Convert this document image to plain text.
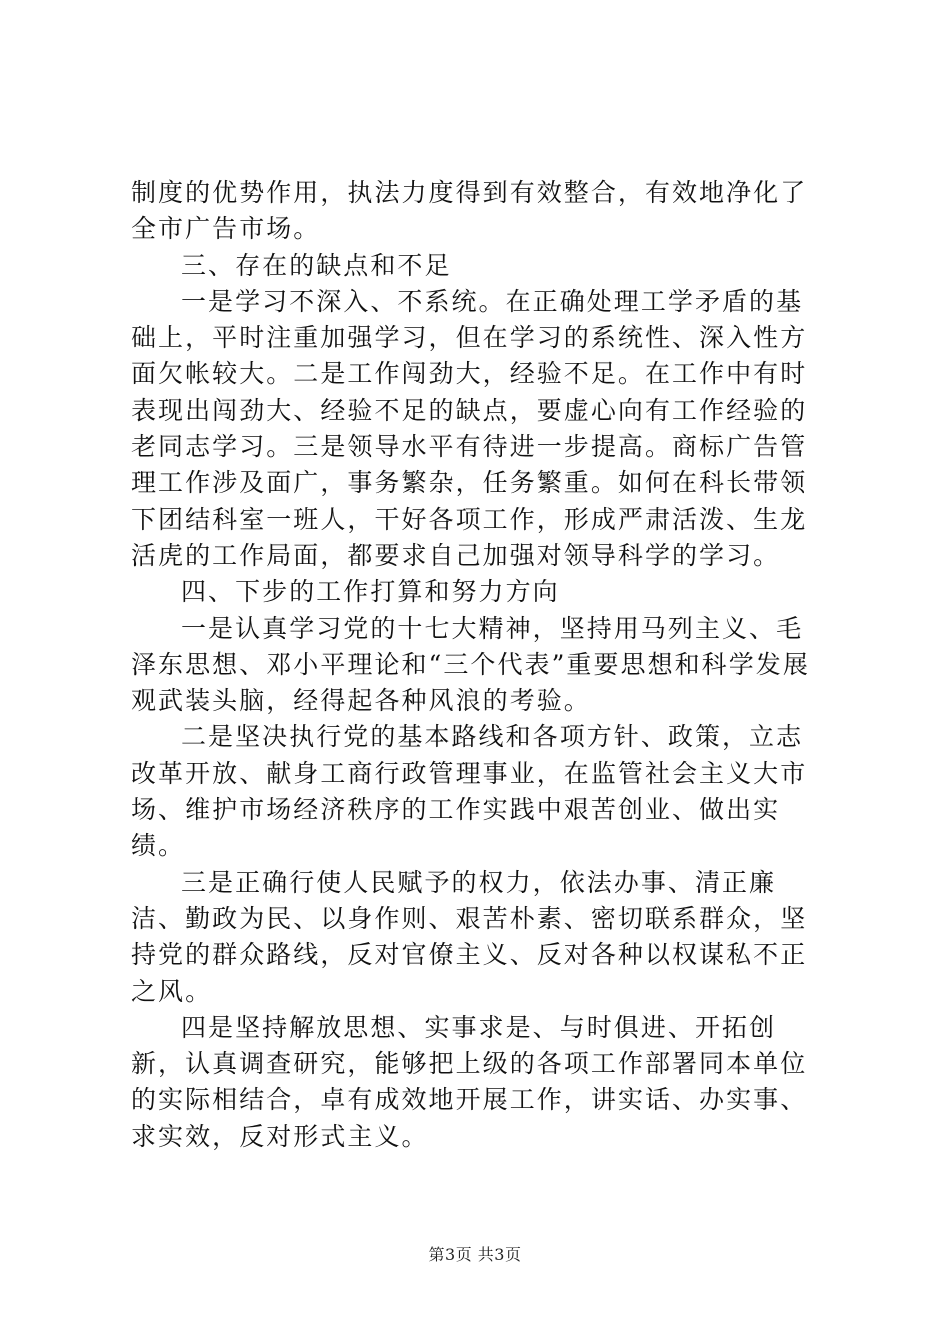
制度的优势作用，执法力度得到有效整合，有效地净化了全市广告市场。

三、存在的缺点和不足

一是学习不深入、不系统。在正确处理工学矛盾的基础上，平时注重加强学习，但在学习的系统性、深入性方面欠帐较大。二是工作闯劲大，经验不足。在工作中有时表现出闯劲大、经验不足的缺点，要虚心向有工作经验的老同志学习。三是领导水平有待进一步提高。商标广告管理工作涉及面广，事务繁杂，任务繁重。如何在科长带领下团结科室一班人，干好各项工作，形成严肃活泼、生龙活虎的工作局面，都要求自己加强对领导科学的学习。

四、下步的工作打算和努力方向

一是认真学习党的十七大精神，坚持用马列主义、毛泽东思想、邓小平理论和“三个代表”重要思想和科学发展观武装头脑，经得起各种风浪的考验。

二是坚决执行党的基本路线和各项方针、政策，立志改革开放、献身工商行政管理事业，在监管社会主义大市场、维护市场经济秩序的工作实践中艰苦创业、做出实绩。

三是正确行使人民赋予的权力，依法办事、清正廉洁、勤政为民、以身作则、艰苦朴素、密切联系群众，坚持党的群众路线，反对官僚主义、反对各种以权谋私不正之风。

四是坚持解放思想、实事求是、与时俱进、开拓创新，认真调查研究，能够把上级的各项工作部署同本单位的实际相结合，卓有成效地开展工作，讲实话、办实事、求实效，反对形式主义。

第3页 共3页
